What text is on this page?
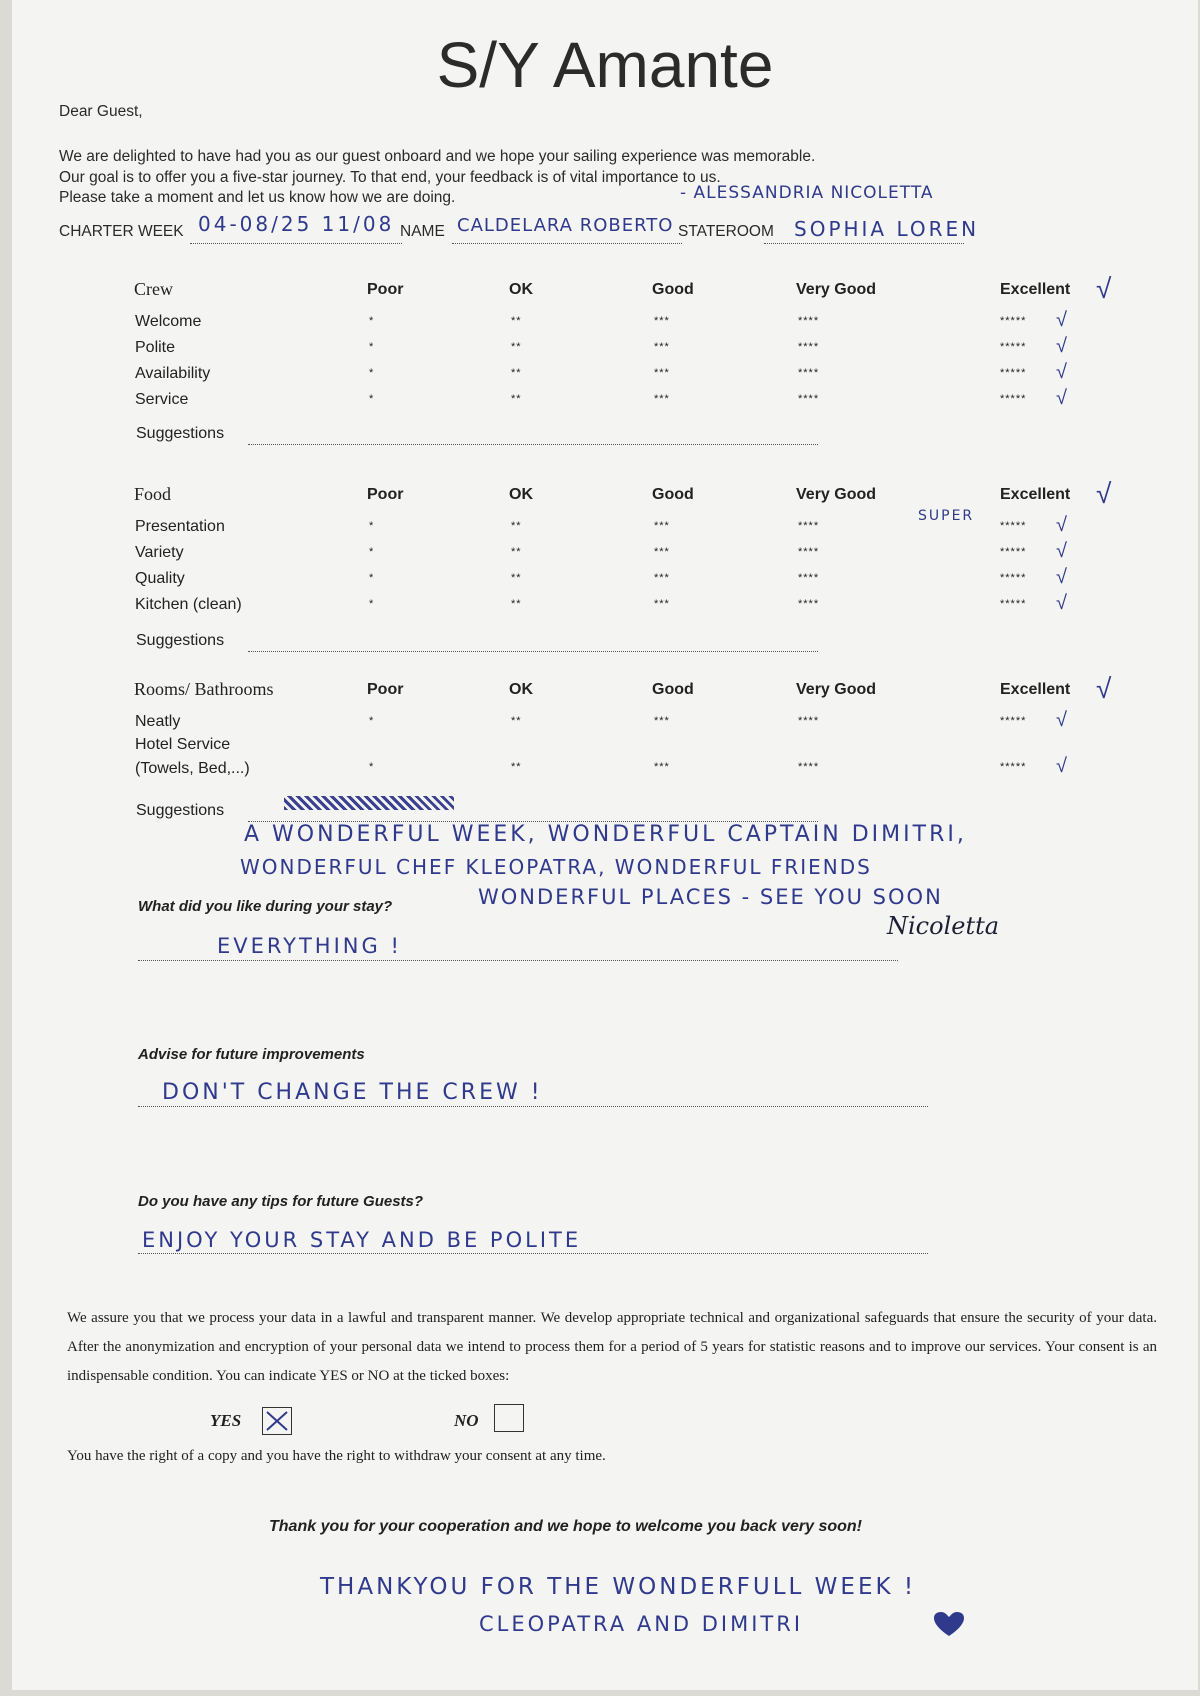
S/Y Amante
Dear Guest,
We are delighted to have had you as our guest onboard and we hope your sailing experience was memorable.
Our goal is to offer you a five-star journey. To that end, your feedback is of vital importance to us.
Please take a moment and let us know how we are doing.
CHARTER WEEK 04-08/25 11/08 NAME CALDELARA ROBERTO
- ALESSANDRIA NICOLETTA
STATEROOM SOPHIA LOREN
Crew	Poor	OK	Good	Very Good	Excellent √
Welcome	*	**	***	****	***** √
Polite	*	**	***	****	***** √
Availability	*	**	***	****	***** √
Service	*	**	***	****	***** √
Suggestions
Food	Poor	OK	Good	Very Good	Excellent √
Presentation	*	**	***	****	***** √
Variety	*	**	***	****	***** √
Quality	*	**	***	****	***** √
Kitchen (clean)	*	**	***	****	***** √
Suggestions
Rooms/ Bathrooms	Poor	OK	Good	Very Good	Excellent √
Neatly	*	**	***	****	***** √
Hotel Service
(Towels, Bed,...)	*	**	***	****	***** √
Suggestions
SUPER
A WONDERFUL WEEK, WONDERFUL CAPTAIN DIMITRI,
WONDERFUL CHEF KLEOPATRA, WONDERFUL FRIENDS
WONDERFUL PLACES - SEE YOU SOON
Nicoletta
What did you like during your stay?
EVERYTHING !
Advise for future improvements
DON'T CHANGE THE CREW !
Do you have any tips for future Guests?
ENJOY YOUR STAY AND BE POLITE
We assure you that we process your data in a lawful and transparent manner. We develop appropriate technical and organizational safeguards that ensure the security of your data. After the anonymization and encryption of your personal data we intend to process them for a period of 5 years for statistic reasons and to improve our services. Your consent is an indispensable condition. You can indicate YES or NO at the ticked boxes:
YES	NO
You have the right of a copy and you have the right to withdraw your consent at any time.
Thank you for your cooperation and we hope to welcome you back very soon!
THANKYOU FOR THE WONDERFULL WEEK !
CLEOPATRA AND DIMITRI
